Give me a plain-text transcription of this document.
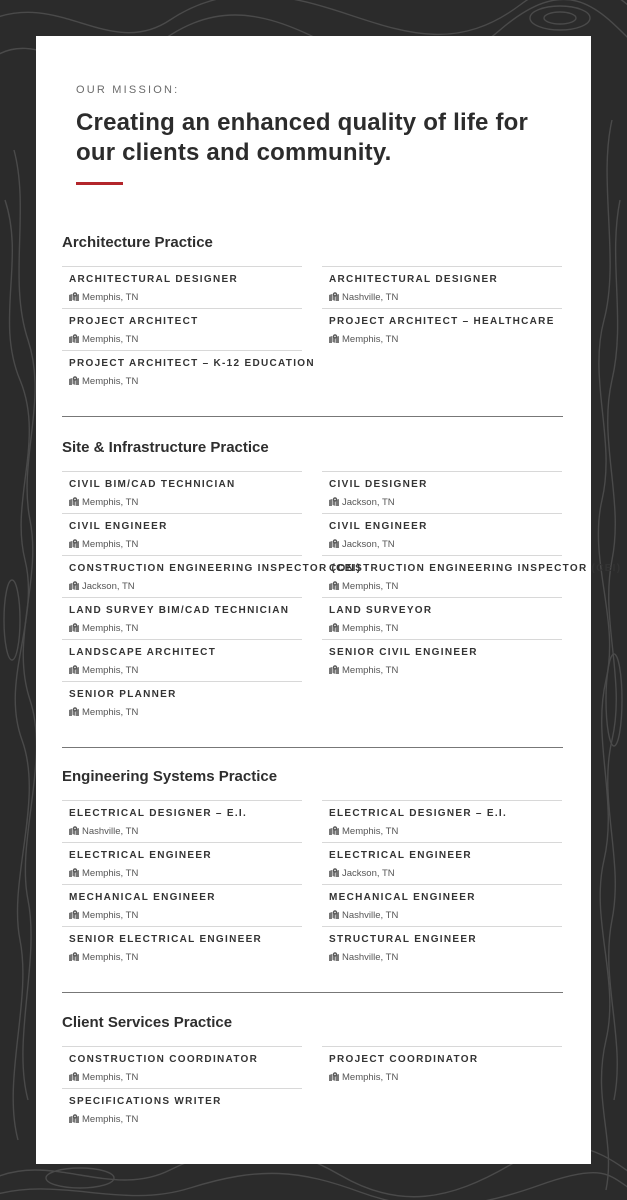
OUR MISSION:
Creating an enhanced quality of life for our clients and community.
Architecture Practice
ARCHITECTURAL DESIGNER
Memphis, TN
PROJECT ARCHITECT
Memphis, TN
PROJECT ARCHITECT – K-12 EDUCATION
Memphis, TN
ARCHITECTURAL DESIGNER
Nashville, TN
PROJECT ARCHITECT – HEALTHCARE
Memphis, TN
Site & Infrastructure Practice
CIVIL BIM/CAD TECHNICIAN
Memphis, TN
CIVIL ENGINEER
Memphis, TN
CONSTRUCTION ENGINEERING INSPECTOR (CEI)
Jackson, TN
LAND SURVEY BIM/CAD TECHNICIAN
Memphis, TN
LANDSCAPE ARCHITECT
Memphis, TN
SENIOR PLANNER
Memphis, TN
CIVIL DESIGNER
Jackson, TN
CIVIL ENGINEER
Jackson, TN
CONSTRUCTION ENGINEERING INSPECTOR (CEI)
Memphis, TN
LAND SURVEYOR
Memphis, TN
SENIOR CIVIL ENGINEER
Memphis, TN
Engineering Systems Practice
ELECTRICAL DESIGNER – E.I.
Nashville, TN
ELECTRICAL ENGINEER
Memphis, TN
MECHANICAL ENGINEER
Memphis, TN
SENIOR ELECTRICAL ENGINEER
Memphis, TN
ELECTRICAL DESIGNER – E.I.
Memphis, TN
ELECTRICAL ENGINEER
Jackson, TN
MECHANICAL ENGINEER
Nashville, TN
STRUCTURAL ENGINEER
Nashville, TN
Client Services Practice
CONSTRUCTION COORDINATOR
Memphis, TN
SPECIFICATIONS WRITER
Memphis, TN
PROJECT COORDINATOR
Memphis, TN
